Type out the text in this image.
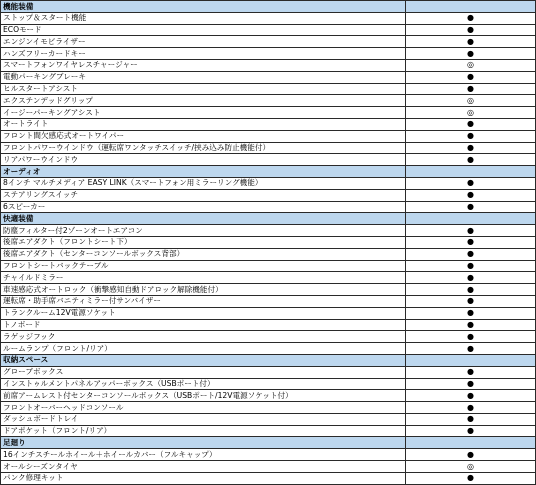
機能装備	
ストップ＆スタート機能	●
ECOモード	●
エンジンイモビライザー	●
ハンズフリーカードキー	●
スマートフォンワイヤレスチャージャー	◎
電動パーキングブレーキ	●
ヒルスタートアシスト	●
エクステンデッドグリップ	◎
イージーパーキングアシスト	◎
オートライト	●
フロント間欠感応式オートワイパー	●
フロントパワーウインドウ（運転席ワンタッチスイッチ/挟み込み防止機能付）	●
リアパワーウインドウ	●
オーディオ	
8インチ マルチメディア EASY LINK（スマートフォン用ミラーリング機能）	●
ステアリングスイッチ	●
6スピーカー	●
快適装備	
防塵フィルター付2ゾーンオートエアコン	●
後席エアダクト（フロントシート下）	●
後席エアダクト（センターコンソールボックス背部）	●
フロントシートバックテーブル	●
チャイルドミラー	●
車速感応式オートロック（衝撃感知自動ドアロック解除機能付）	●
運転席・助手席バニティミラー付サンバイザー	●
トランクルーム12V電源ソケット	●
トノボード	●
ラゲッジフック	●
ルームランプ（フロント/リア）	●
収納スペース	
グローブボックス	●
インストゥルメントパネルアッパーボックス（USBポート付）	●
前席アームレスト付センターコンソールボックス（USBポート/12V電源ソケット付）	●
フロントオーバーヘッドコンソール	●
ダッシュボードトレイ	●
ドアポケット（フロント/リア）	●
足廻り	
16インチスチールホイール＋ホイールカバー（フルキャップ）	●
オールシーズンタイヤ	◎
パンク修理キット	●
